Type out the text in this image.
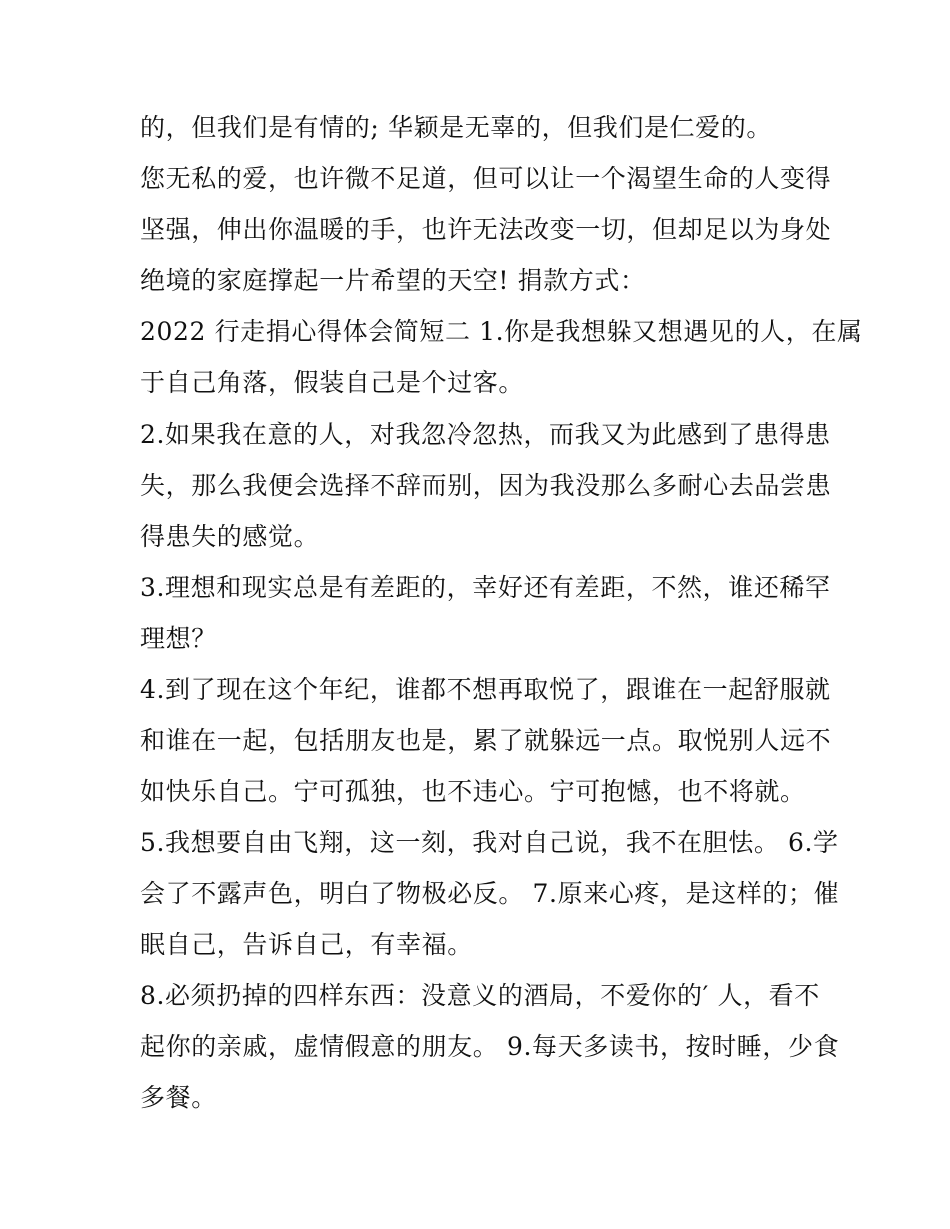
的，但我们是有情的; 华颖是无辜的，但我们是仁爱的。
您无私的爱，也许微不足道，但可以让一个渴望生命的人变得
坚强，伸出你温暖的手，也许无法改变一切，但却足以为身处
绝境的家庭撑起一片希望的天空! 捐款方式：
2022 行走捐心得体会简短二 1.你是我想躲又想遇见的人，在属
于自己角落，假装自己是个过客。
2.如果我在意的人，对我忽冷忽热，而我又为此感到了患得患
失，那么我便会选择不辞而别，因为我没那么多耐心去品尝患
得患失的感觉。
3.理想和现实总是有差距的，幸好还有差距，不然，谁还稀罕
理想？
4.到了现在这个年纪，谁都不想再取悦了，跟谁在一起舒服就
和谁在一起，包括朋友也是，累了就躲远一点。取悦别人远不
如快乐自己。宁可孤独，也不违心。宁可抱憾，也不将就。
5.我想要自由飞翔，这一刻，我对自己说，我不在胆怯。 6.学
会了不露声色，明白了物极必反。 7.原来心疼，是这样的；催
眠自己，告诉自己，有幸福。
8.必须扔掉的四样东西：没意义的酒局，不爱你的′ 人，看不
起你的亲戚，虚情假意的朋友。 9.每天多读书，按时睡，少食
多餐。
